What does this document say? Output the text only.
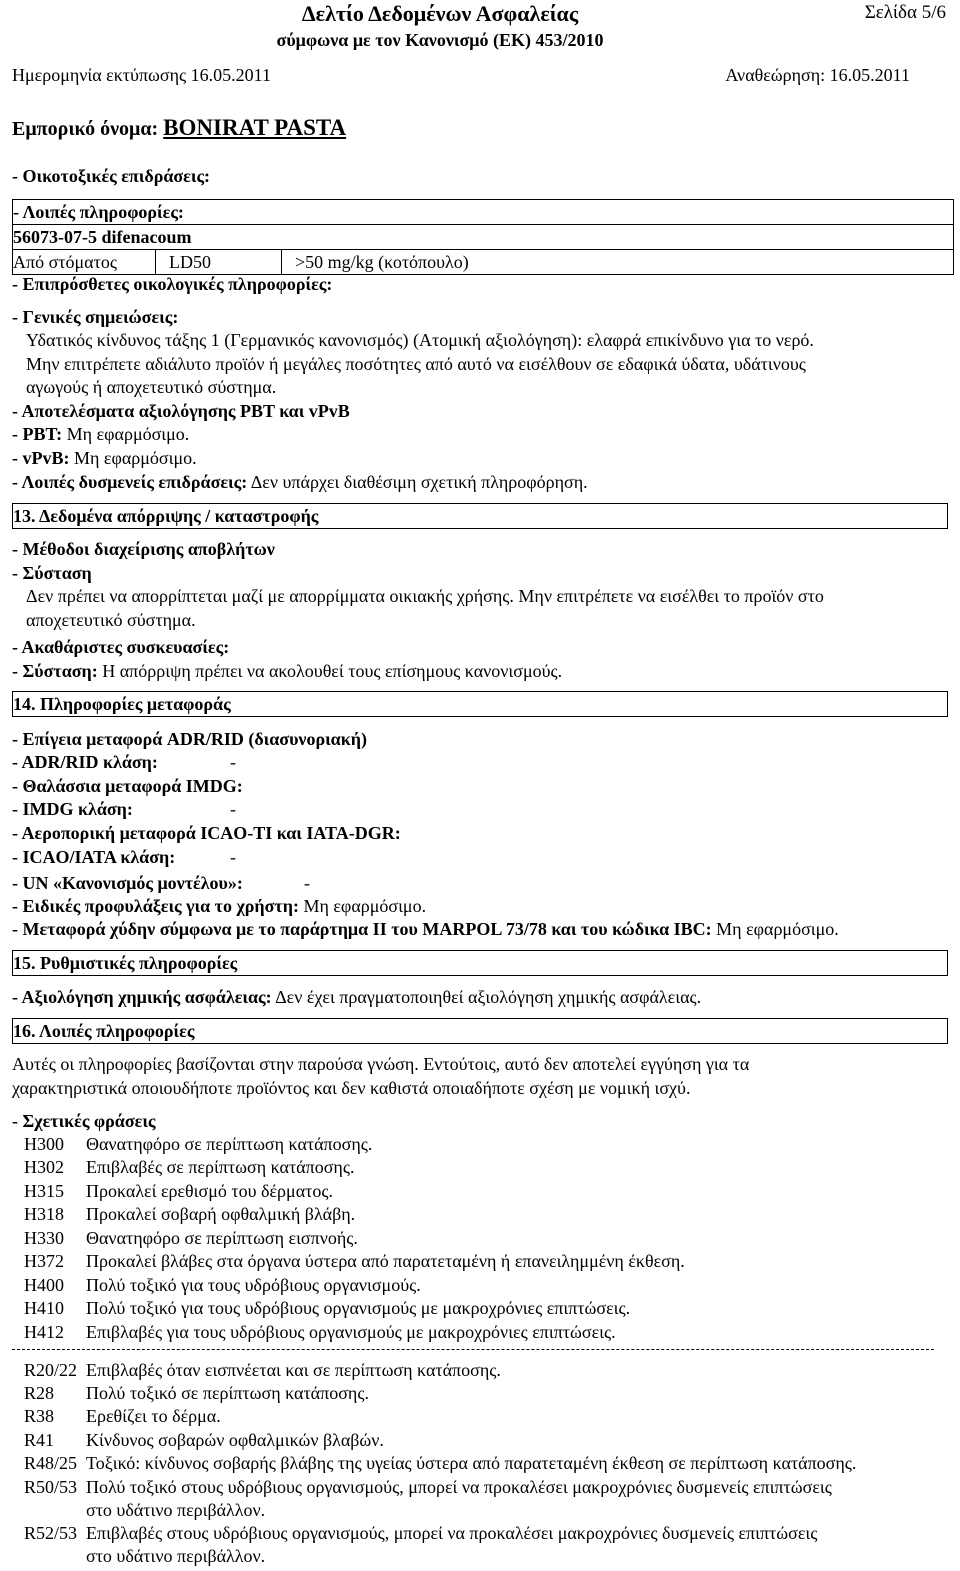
Δελτίο Δεδομένων Ασφαλείας
σύμφωνα με τον Κανονισμό (ΕΚ) 453/2010
Σελίδα 5/6
Ημερομηνία εκτύπωσης 16.05.2011	Αναθεώρηση: 16.05.2011
Εμπορικό όνομα: BONIRAT PASTA
- Οικοτοξικές επιδράσεις:
- Λοιπές πληροφορίες:
56073-07-5 difenacoum
Από στόματος	LD50	>50 mg/kg (κοτόπουλο)
- Επιπρόσθετες οικολογικές πληροφορίες:
- Γενικές σημειώσεις:
Υδατικός κίνδυνος τάξης 1 (Γερμανικός κανονισμός) (Ατομική αξιολόγηση): ελαφρά επικίνδυνο για το νερό.
Μην επιτρέπετε αδιάλυτο προϊόν ή μεγάλες ποσότητες από αυτό να εισέλθουν σε εδαφικά ύδατα, υδάτινους
αγωγούς ή αποχετευτικό σύστημα.
- Αποτελέσματα αξιολόγησης PBT και vPvB
- PBT: Μη εφαρμόσιμο.
- vPvB: Μη εφαρμόσιμο.
- Λοιπές δυσμενείς επιδράσεις: Δεν υπάρχει διαθέσιμη σχετική πληροφόρηση.
13. Δεδομένα απόρριψης / καταστροφής
- Μέθοδοι διαχείρισης αποβλήτων
- Σύσταση
Δεν πρέπει να απορρίπτεται μαζί με απορρίμματα οικιακής χρήσης. Μην επιτρέπετε να εισέλθει το προϊόν στο
αποχετευτικό σύστημα.
- Ακαθάριστες συσκευασίες:
- Σύσταση: Η απόρριψη πρέπει να ακολουθεί τους επίσημους κανονισμούς.
14. Πληροφορίες μεταφοράς
- Επίγεια μεταφορά ADR/RID (διασυνοριακή)
- ADR/RID κλάση:	-
- Θαλάσσια μεταφορά IMDG:
- IMDG κλάση:	-
- Αεροπορική μεταφορά ICAO-TI και IATA-DGR:
- ICAO/IATA κλάση:	-
- UN «Κανονισμός μοντέλου»:	-
- Ειδικές προφυλάξεις για το χρήστη: Μη εφαρμόσιμο.
- Μεταφορά χύδην σύμφωνα με το παράρτημα II του MARPOL 73/78 και του κώδικα IBC: Μη εφαρμόσιμο.
15. Ρυθμιστικές πληροφορίες
- Αξιολόγηση χημικής ασφάλειας: Δεν έχει πραγματοποιηθεί αξιολόγηση χημικής ασφάλειας.
16. Λοιπές πληροφορίες
Αυτές οι πληροφορίες βασίζονται στην παρούσα γνώση. Εντούτοις, αυτό δεν αποτελεί εγγύηση για τα
χαρακτηριστικά οποιουδήποτε προϊόντος και δεν καθιστά οποιαδήποτε σχέση με νομική ισχύ.
- Σχετικές φράσεις
H300 Θανατηφόρο σε περίπτωση κατάποσης.
H302 Επιβλαβές σε περίπτωση κατάποσης.
H315 Προκαλεί ερεθισμό του δέρματος.
H318 Προκαλεί σοβαρή οφθαλμική βλάβη.
H330 Θανατηφόρο σε περίπτωση εισπνοής.
H372 Προκαλεί βλάβες στα όργανα ύστερα από παρατεταμένη ή επανειλημμένη έκθεση.
H400 Πολύ τοξικό για τους υδρόβιους οργανισμούς.
H410 Πολύ τοξικό για τους υδρόβιους οργανισμούς με μακροχρόνιες επιπτώσεις.
H412 Επιβλαβές για τους υδρόβιους οργανισμούς με μακροχρόνιες επιπτώσεις.
R20/22 Επιβλαβές όταν εισπνέεται και σε περίπτωση κατάποσης.
R28 Πολύ τοξικό σε περίπτωση κατάποσης.
R38 Ερεθίζει το δέρμα.
R41 Κίνδυνος σοβαρών οφθαλμικών βλαβών.
R48/25 Τοξικό: κίνδυνος σοβαρής βλάβης της υγείας ύστερα από παρατεταμένη έκθεση σε περίπτωση κατάποσης.
R50/53 Πολύ τοξικό στους υδρόβιους οργανισμούς, μπορεί να προκαλέσει μακροχρόνιες δυσμενείς επιπτώσεις
στο υδάτινο περιβάλλον.
R52/53 Επιβλαβές στους υδρόβιους οργανισμούς, μπορεί να προκαλέσει μακροχρόνιες δυσμενείς επιπτώσεις
στο υδάτινο περιβάλλον.
